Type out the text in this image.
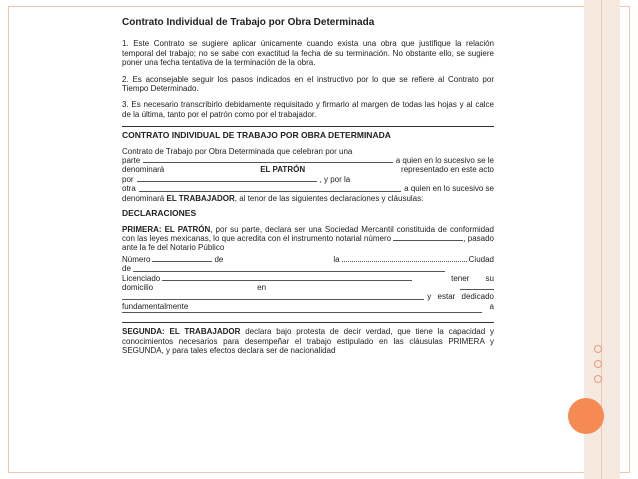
Contrato Individual de Trabajo por Obra Determinada
1. Este Contrato se sugiere aplicar únicamente cuando exista una obra que justifique la relación temporal del trabajo; no se sabe con exactitud la fecha de su terminación. No obstante ello, se sugiere poner una fecha tentativa de la terminación de la obra.
2. Es aconsejable seguir los pasos indicados en el instructivo por lo que se refiere al Contrato por Tiempo Determinado.
3. Es necesario transcribirlo debidamente requisitado y firmarlo al margen de todas las hojas y al calce de la última, tanto por el patrón como por el trabajador.
CONTRATO INDIVIDUAL DE TRABAJO POR OBRA DETERMINADA
Contrato de Trabajo por Obra Determinada que celebran por una
parte	a quien en lo sucesivo se le
denominará	EL PATRÓN	representado en este acto
por	, y por la
otra	a quien en lo sucesivo se
denominará EL TRABAJADOR, al tenor de las siguientes declaraciones y cláusulas:
DECLARACIONES
PRIMERA: EL PATRÓN, por su parte, declara ser una Sociedad Mercantil constituida de conformidad con las leyes mexicanas, lo que acredita con el instrumento notarial número	, pasado ante la fe del Notario Público
Número	de	la	Ciudad
de
Licenciado	tener su
domicilio	en
y estar dedicado
fundamentalmente	a
SEGUNDA: EL TRABAJADOR declara bajo protesta de decir verdad, que tiene la capacidad y conocimientos necesarios para desempeñar el trabajo estipulado en las cláusulas PRIMERA y SEGUNDA, y para tales efectos declara ser de nacionalidad
